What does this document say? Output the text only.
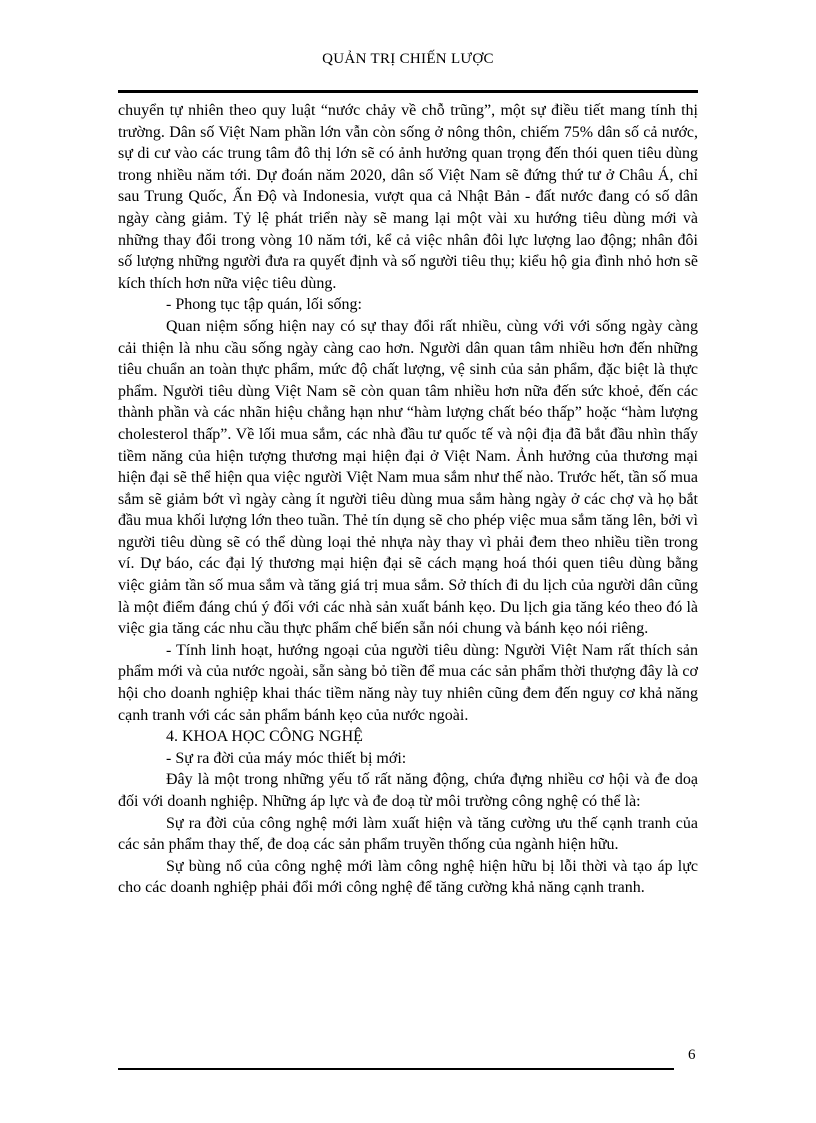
QUẢN TRỊ CHIẾN LƯỢC

chuyển tự nhiên theo quy luật “nước chảy về chỗ trũng”, một sự điều tiết mang tính thị trường. Dân số Việt Nam phần lớn vẫn còn sống ở nông thôn, chiếm 75% dân số cả nước, sự di cư vào các trung tâm đô thị lớn sẽ có ảnh hưởng quan trọng đến thói quen tiêu dùng trong nhiều năm tới. Dự đoán năm 2020, dân số Việt Nam sẽ đứng thứ tư ở Châu Á, chỉ sau Trung Quốc, Ấn Độ và Indonesia, vượt qua cả Nhật Bản - đất nước đang có số dân ngày càng giảm. Tỷ lệ phát triển này sẽ mang lại một vài xu hướng tiêu dùng mới và những thay đổi trong vòng 10 năm tới, kể cả việc nhân đôi lực lượng lao động; nhân đôi số lượng những người đưa ra quyết định và số người tiêu thụ; kiểu hộ gia đình nhỏ hơn sẽ kích thích hơn nữa việc tiêu dùng.

- Phong tục tập quán, lối sống:

Quan niệm sống hiện nay có sự thay đổi rất nhiều, cùng với với sống ngày càng cải thiện là nhu cầu sống ngày càng cao hơn. Người dân quan tâm nhiều hơn đến những tiêu chuẩn an toàn thực phẩm, mức độ chất lượng, vệ sinh của sản phẩm, đặc biệt là thực phẩm. Người tiêu dùng Việt Nam sẽ còn quan tâm nhiều hơn nữa đến sức khoẻ, đến các thành phần và các nhãn hiệu chẳng hạn như “hàm lượng chất béo thấp” hoặc “hàm lượng cholesterol thấp”. Về lối mua sắm, các nhà đầu tư quốc tế và nội địa đã bắt đầu nhìn thấy tiềm năng của hiện tượng thương mại hiện đại ở Việt Nam. Ảnh hưởng của thương mại hiện đại sẽ thể hiện qua việc người Việt Nam mua sắm như thế nào. Trước hết, tần số mua sắm sẽ giảm bớt vì ngày càng ít người tiêu dùng mua sắm hàng ngày ở các chợ và họ bắt đầu mua khối lượng lớn theo tuần. Thẻ tín dụng sẽ cho phép việc mua sắm tăng lên, bởi vì người tiêu dùng sẽ có thể dùng loại thẻ nhựa này thay vì phải đem theo nhiều tiền trong ví. Dự báo, các đại lý thương mại hiện đại sẽ cách mạng hoá thói quen tiêu dùng bằng việc giảm tần số mua sắm và tăng giá trị mua sắm. Sở thích đi du lịch của người dân cũng là một điểm đáng chú ý đối với các nhà sản xuất bánh kẹo. Du lịch gia tăng kéo theo đó là việc gia tăng các nhu cầu thực phẩm chế biến sẵn nói chung và bánh kẹo nói riêng.

- Tính linh hoạt, hướng ngoại của người tiêu dùng: Người Việt Nam rất thích sản phẩm mới và của nước ngoài, sẵn sàng bỏ tiền để mua các sản phẩm thời thượng đây là cơ hội cho doanh nghiệp khai thác tiềm năng này tuy nhiên cũng đem đến nguy cơ khả năng cạnh tranh với các sản phẩm bánh kẹo của nước ngoài.

4. KHOA HỌC CÔNG NGHỆ

- Sự ra đời của máy móc thiết bị mới:

Đây là một trong những yếu tố rất năng động, chứa đựng nhiều cơ hội và đe doạ đối với doanh nghiệp. Những áp lực và đe doạ từ môi trường công nghệ có thể là:

Sự ra đời của công nghệ mới làm xuất hiện và tăng cường ưu thế cạnh tranh của các sản phẩm thay thế, đe doạ các sản phẩm truyền thống của ngành hiện hữu.

Sự bùng nổ của công nghệ mới làm công nghệ hiện hữu bị lỗi thời và tạo áp lực cho các doanh nghiệp phải đổi mới công nghệ để tăng cường khả năng cạnh tranh.

6
